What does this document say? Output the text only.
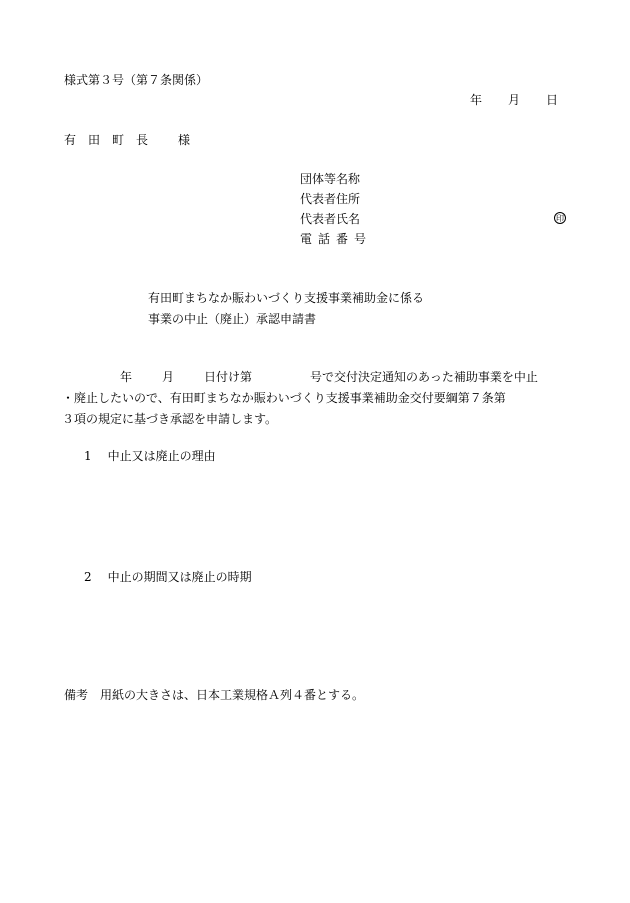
様式第３号（第７条関係）
年 月 日
有　田　町　長	様
団体等名称
代表者住所
代表者氏名	印
電話番号
有田町まちなか賑わいづくり支援事業補助金に係る
事業の中止（廃止）承認申請書
年	月	日付け第	号で交付決定通知のあった補助事業を中止
・廃止したいので、有田町まちなか賑わいづくり支援事業補助金交付要綱第７条第
３項の規定に基づき承認を申請します。
1 中止又は廃止の理由
2 中止の期間又は廃止の時期
備考 用紙の大きさは、日本工業規格Ａ列４番とする。
